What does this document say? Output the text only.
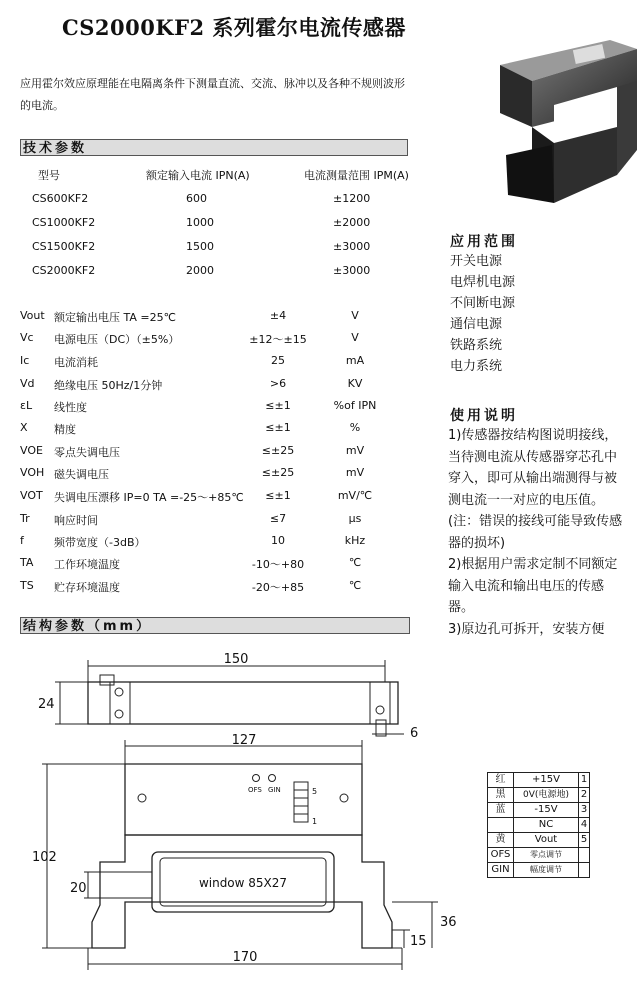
CS2000KF2 系列霍尔电流传感器
应用霍尔效应原理能在电隔离条件下测量直流、交流、脉冲以及各种不规则波形的电流。
技术参数
型号	额定输入电流 IPN(A)	电流测量范围 IPM(A)
CS600KF2	600	±1200
CS1000KF2	1000	±2000
CS1500KF2	1500	±3000
CS2000KF2	2000	±3000
Vout 额定输出电压 TA =25℃	±4	V
Vc 电源电压（DC）（±5%）	±12～±15	V
Ic 电流消耗	25	mA
Vd 绝缘电压 50Hz/1分钟	>6	KV
εL 线性度	≤±1	%of IPN
X 精度	≤±1	%
VOE 零点失调电压	≤±25	mV
VOH 磁失调电压	≤±25	mV
VOT 失调电压漂移 IP=0 TA =-25～+85℃	≤±1	mV/℃
Tr 响应时间	≤7	μs
f	频带宽度（-3dB）	10	kHz
TA 工作环境温度	-10～+80	℃
TS 贮存环境温度	-20～+85	℃
结构参数（mm）
应用范围
开关电源
电焊机电源
不间断电源
通信电源
铁路系统
电力系统
使用说明
1)传感器按结构图说明接线，当待测电流从传感器穿芯孔中穿入，即可从输出端测得与被测电流一一对应的电压值。(注：错误的接线可能导致传感器的损坏)
2)根据用户需求定制不同额定输入电流和输出电压的传感器。
3)原边孔可拆开，安装方便
150
24
6
127
OFS GIN	5
1
window 85X27
102
20
36
15
170
红	+15V	1
黑	0V(电源地)	2
蓝	-15V	3
	NC	4
黄	Vout	5
OFS	零点调节	
GIN	幅度调节	
